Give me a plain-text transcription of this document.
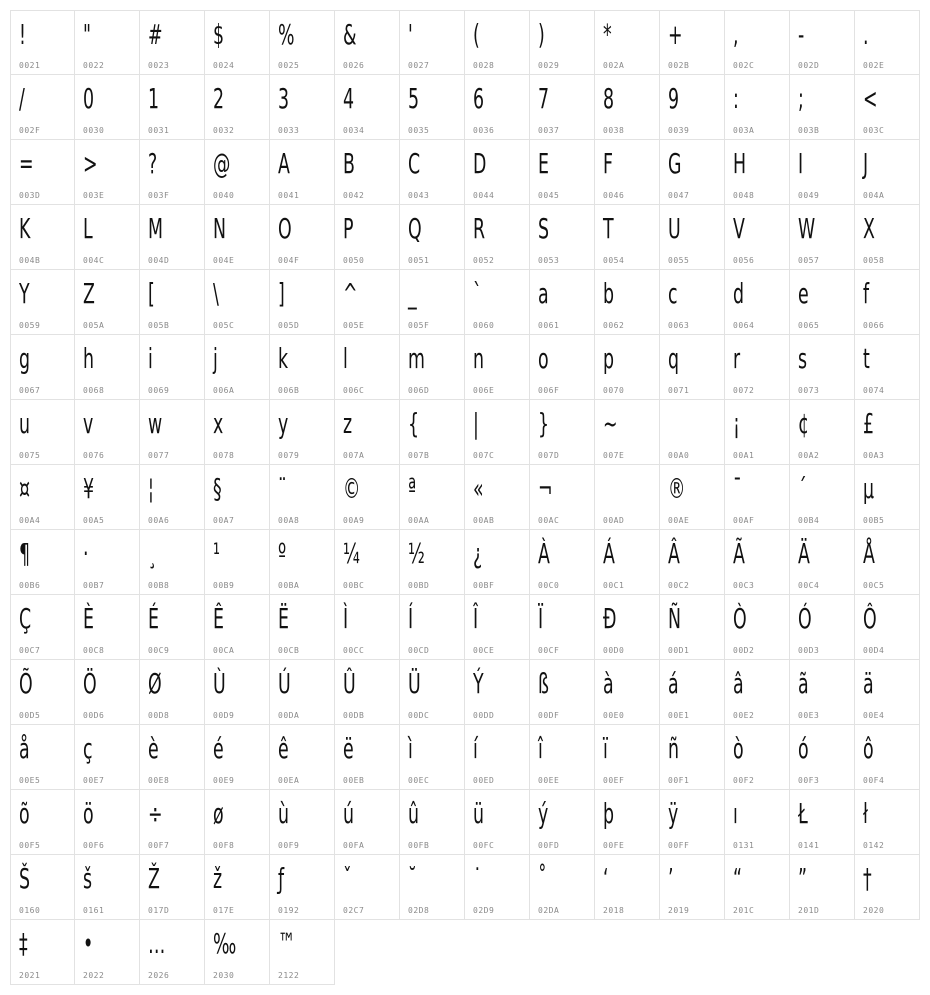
!
0021
"
0022
#
0023
$
0024
%
0025
&
0026
'
0027
(
0028
)
0029
*
002A
+
002B
,
002C
-
002D
.
002E
/
002F
0
0030
1
0031
2
0032
3
0033
4
0034
5
0035
6
0036
7
0037
8
0038
9
0039
:
003A
;
003B
<
003C
=
003D
>
003E
?
003F
@
0040
A
0041
B
0042
C
0043
D
0044
E
0045
F
0046
G
0047
H
0048
I
0049
J
004A
K
004B
L
004C
M
004D
N
004E
O
004F
P
0050
Q
0051
R
0052
S
0053
T
0054
U
0055
V
0056
W
0057
X
0058
Y
0059
Z
005A
[
005B
\
005C
]
005D
^
005E
_
005F
`
0060
a
0061
b
0062
c
0063
d
0064
e
0065
f
0066
g
0067
h
0068
i
0069
j
006A
k
006B
l
006C
m
006D
n
006E
o
006F
p
0070
q
0071
r
0072
s
0073
t
0074
u
0075
v
0076
w
0077
x
0078
y
0079
z
007A
{
007B
|
007C
}
007D
~
007E
	00A0
¡
00A1
¢
00A2
£
00A3
¤
00A4
¥
00A5
¦
00A6
§
00A7
¨
00A8
©
00A9
ª
00AA
«
00AB
¬
00AC	00AD
®
00AE
¯
00AF
´
00B4
µ
00B5
¶
00B6
·
00B7
¸
00B8
¹
00B9
º
00BA
¼
00BC
½
00BD
¿
00BF
À
00C0
Á
00C1
Â
00C2
Ã
00C3
Ä
00C4
Å
00C5
Ç
00C7
È
00C8
É
00C9
Ê
00CA
Ë
00CB
Ì
00CC
Í
00CD
Î
00CE
Ï
00CF
Ð
00D0
Ñ
00D1
Ò
00D2
Ó
00D3
Ô
00D4
Õ
00D5
Ö
00D6
Ø
00D8
Ù
00D9
Ú
00DA
Û
00DB
Ü
00DC
Ý
00DD
ß
00DF
à
00E0
á
00E1
â
00E2
ã
00E3
ä
00E4
å
00E5
ç
00E7
è
00E8
é
00E9
ê
00EA
ë
00EB
ì
00EC
í
00ED
î
00EE
ï
00EF
ñ
00F1
ò
00F2
ó
00F3
ô
00F4
õ
00F5
ö
00F6
÷
00F7
ø
00F8
ù
00F9
ú
00FA
û
00FB
ü
00FC
ý
00FD
þ
00FE
ÿ
00FF
ı
0131
Ł
0141
ł
0142
Š
0160
š
0161
Ž
017D
ž
017E
ƒ
0192
ˇ
02C7
˘
02D8
˙
02D9
˚
02DA
‘
2018
’
2019
“
201C
”
201D
†
2020
‡
2021
•
2022
…
2026
‰
2030
™
2122
